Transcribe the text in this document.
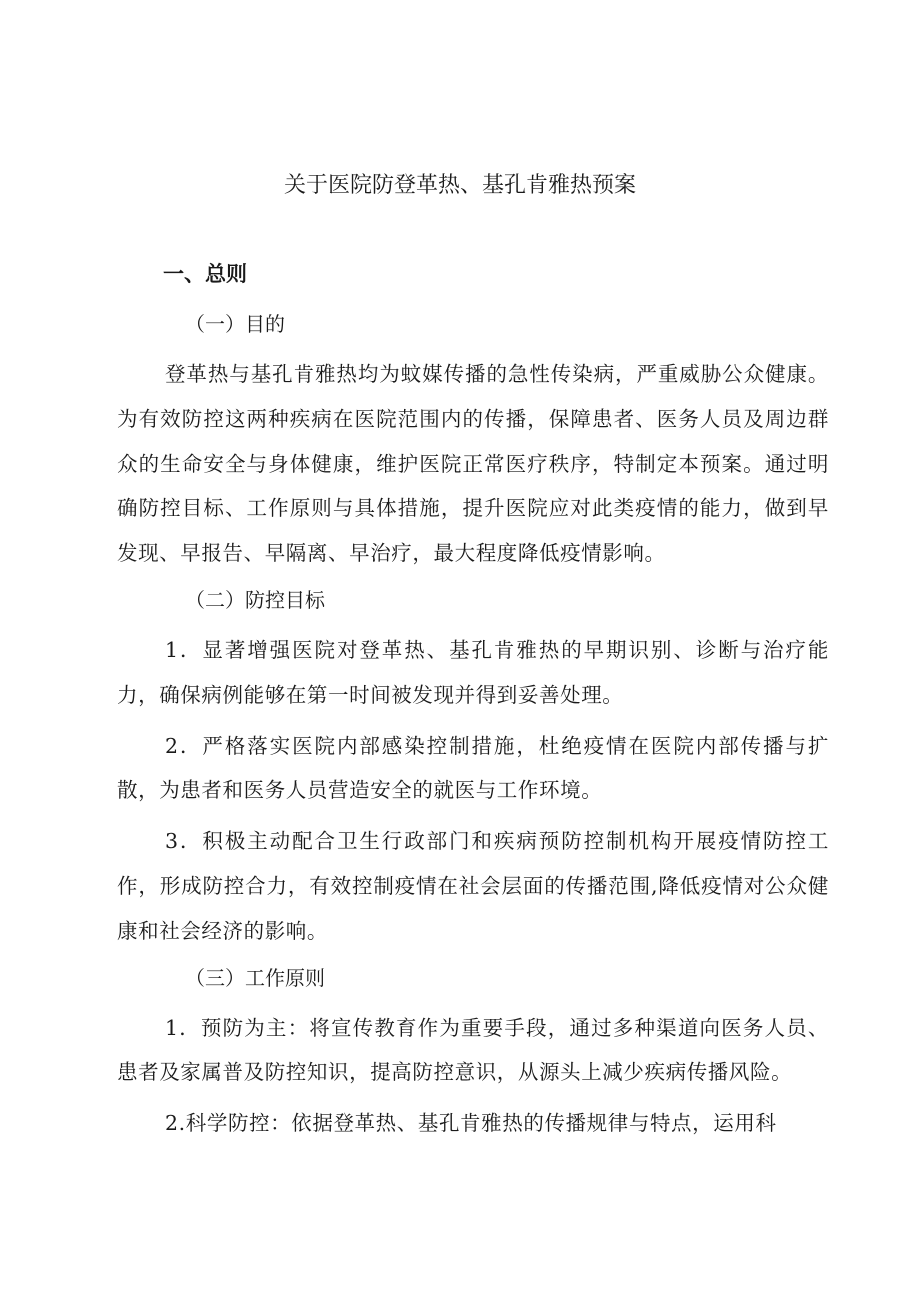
关于医院防登革热、基孔肯雅热预案
一、总则
（一）目的

登革热与基孔肯雅热均为蚊媒传播的急性传染病，严重威胁公众健康。为有效防控这两种疾病在医院范围内的传播，保障患者、医务人员及周边群众的生命安全与身体健康，维护医院正常医疗秩序，特制定本预案。通过明确防控目标、工作原则与具体措施，提升医院应对此类疫情的能力，做到早发现、早报告、早隔离、早治疗，最大程度降低疫情影响。

（二）防控目标

1．显著增强医院对登革热、基孔肯雅热的早期识别、诊断与治疗能力，确保病例能够在第一时间被发现并得到妥善处理。

2．严格落实医院内部感染控制措施，杜绝疫情在医院内部传播与扩散，为患者和医务人员营造安全的就医与工作环境。

3．积极主动配合卫生行政部门和疾病预防控制机构开展疫情防控工作，形成防控合力，有效控制疫情在社会层面的传播范围,降低疫情对公众健康和社会经济的影响。

（三）工作原则

1．预防为主：将宣传教育作为重要手段，通过多种渠道向医务人员、患者及家属普及防控知识，提高防控意识，从源头上减少疾病传播风险。

2.科学防控：依据登革热、基孔肯雅热的传播规律与特点，运用科
